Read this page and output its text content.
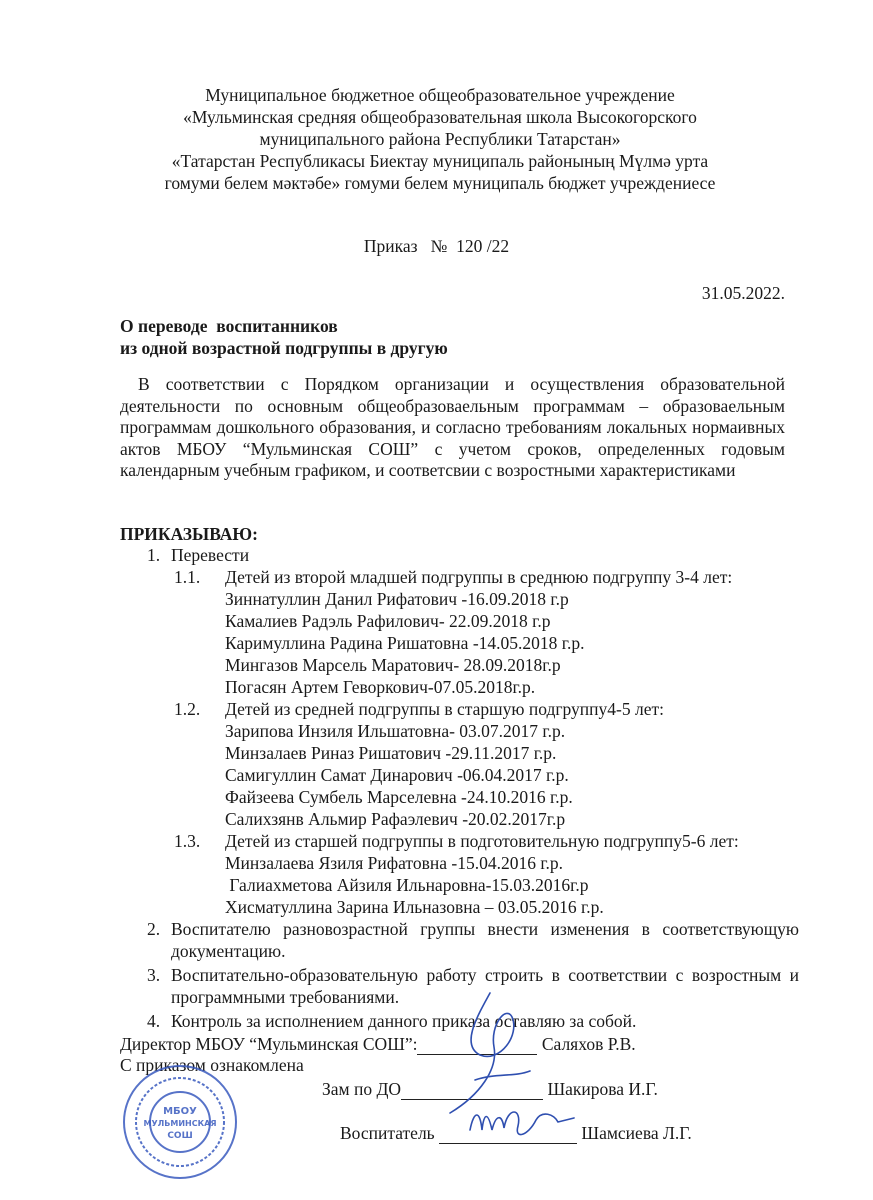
Муниципальное бюджетное общеобразовательное учреждение
«Мульминская средняя общеобразовательная школа Высокогорского
муниципального района Республики Татарстан»
«Татарстан Республикасы Биектау муниципаль районының Мүлмә урта
гомуми белем мәктәбе» гомуми белем муниципаль бюджет учреждениесе
Приказ   №  120 /22
31.05.2022.
О переводе  воспитанников
из одной возрастной подгруппы в другую
В соответствии с Порядком организации и осуществления образовательной деятельности по основным общеобразоваельным программам – образоваельным программам дошкольного образования, и согласно требованиям локальных нормаивных актов МБОУ “Мульминская СОШ” с учетом сроков, определенных годовым календарным учебным графиком, и соответсвии с возростными характеристиками
ПРИКАЗЫВАЮ:
1. Перевести
1.1. Детей из второй младшей подгруппы в среднюю подгруппу 3-4 лет:
Зиннатуллин Данил Рифатович -16.09.2018 г.р
Камалиев Радэль Рафилович- 22.09.2018 г.р
Каримуллина Радина Ришатовна -14.05.2018 г.р.
Мингазов Марсель Маратович- 28.09.2018г.р
Погасян Артем Геворкович-07.05.2018г.р.
1.2. Детей из средней подгруппы в старшую подгруппу4-5 лет:
Зарипова Инзиля Ильшатовна- 03.07.2017 г.р.
Минзалаев Риназ Ришатович -29.11.2017 г.р.
Самигуллин Самат Динарович -06.04.2017 г.р.
Файзеева Сумбель Марселевна -24.10.2016 г.р.
Салихзянв Альмир Рафаэлевич -20.02.2017г.р
1.3. Детей из старшей подгруппы в подготовительную подгруппу5-6 лет:
Минзалаева Язиля Рифатовна -15.04.2016 г.р.
Галиахметова Айзиля Ильнаровна-15.03.2016г.р
Хисматуллина Зарина Ильназовна – 03.05.2016 г.р.
2. Воспитателю разновозрастной группы внести изменения в соответствующую документацию.
3. Воспитательно-образовательную работу строить в соответствии с возростным и программными требованиями.
4. Контроль за исполнением данного приказа оставляю за собой.
Директор МБОУ “Мульминская СОШ”:	Саляхов Р.В.
С приказом ознакомлена
Зам по ДО	Шакирова И.Г.
Воспитатель	Шамсиева Л.Г.
МБОУ
МУЛЬМИНСКАЯ
СОШ
